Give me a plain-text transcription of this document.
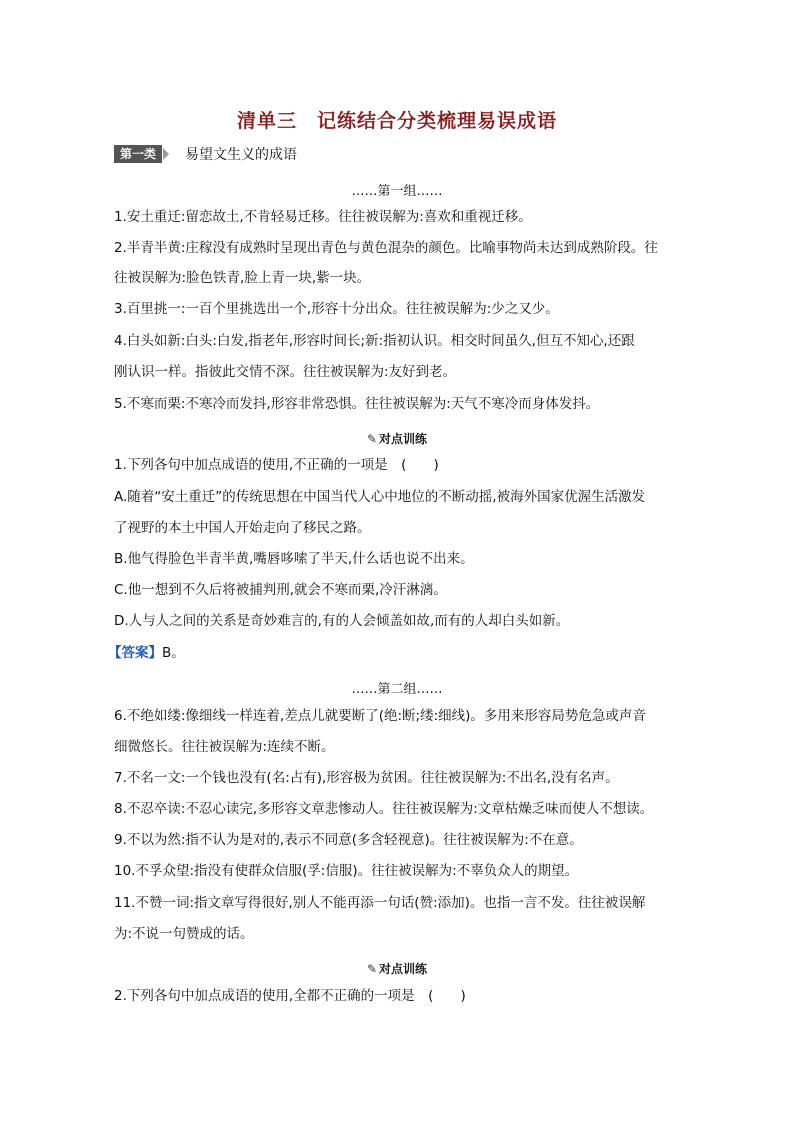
清单三　记练结合分类梳理易误成语
第一类	易望文生义的成语
……第一组……
1.安土重迁:留恋故土,不肯轻易迁移。往往被误解为:喜欢和重视迁移。
2.半青半黄:庄稼没有成熟时呈现出青色与黄色混杂的颜色。比喻事物尚未达到成熟阶段。往
往被误解为:脸色铁青,脸上青一块,紫一块。
3.百里挑一:一百个里挑选出一个,形容十分出众。往往被误解为:少之又少。
4.白头如新:白头:白发,指老年,形容时间长;新:指初认识。相交时间虽久,但互不知心,还跟
刚认识一样。指彼此交情不深。往往被误解为:友好到老。
5.不寒而栗:不寒冷而发抖,形容非常恐惧。往往被误解为:天气不寒冷而身体发抖。
✎ 对点训练
1.下列各句中加点成语的使用,不正确的一项是　(　　)
A.随着“安土重迁”的传统思想在中国当代人心中地位的不断动摇,被海外国家优渥生活激发
了视野的本土中国人开始走向了移民之路。
B.他气得脸色半青半黄,嘴唇哆嗦了半天,什么话也说不出来。
C.他一想到不久后将被捕判刑,就会不寒而栗,冷汗淋漓。
D.人与人之间的关系是奇妙难言的,有的人会倾盖如故,而有的人却白头如新。
【答案】B。
……第二组……
6.不绝如缕:像细线一样连着,差点儿就要断了(绝:断;缕:细线)。多用来形容局势危急或声音
细微悠长。往往被误解为:连续不断。
7.不名一文:一个钱也没有(名:占有),形容极为贫困。往往被误解为:不出名,没有名声。
8.不忍卒读:不忍心读完,多形容文章悲惨动人。往往被误解为:文章枯燥乏味而使人不想读。
9.不以为然:指不认为是对的,表示不同意(多含轻视意)。往往被误解为:不在意。
10.不孚众望:指没有使群众信服(孚:信服)。往往被误解为:不辜负众人的期望。
11.不赞一词:指文章写得很好,别人不能再添一句话(赞:添加)。也指一言不发。往往被误解
为:不说一句赞成的话。
✎ 对点训练
2.下列各句中加点成语的使用,全都不正确的一项是　(　　)
